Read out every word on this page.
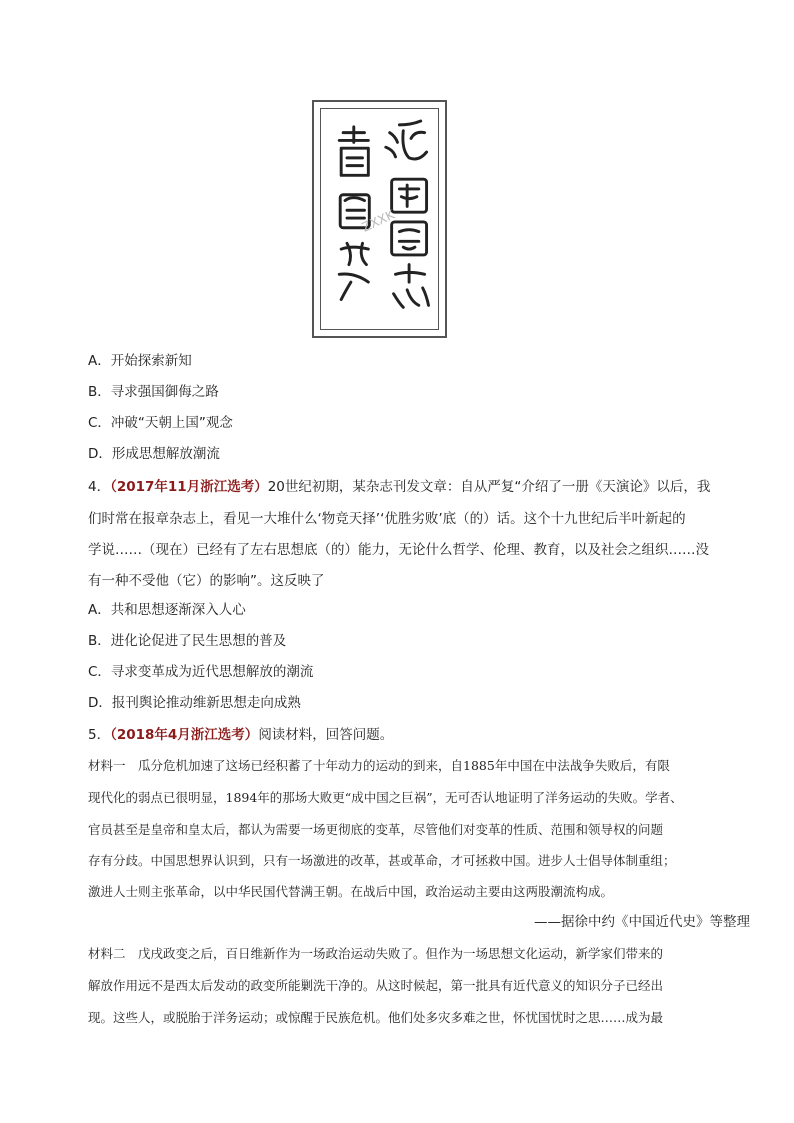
ZXXK
A．开始探索新知
B．寻求强国御侮之路
C．冲破“天朝上国”观念
D．形成思想解放潮流
4．（2017年11月浙江选考）20世纪初期，某杂志刊发文章：自从严复“介绍了一册《天演论》以后，我
们时常在报章杂志上，看见一大堆什么‘物竞天择’‘优胜劣败’底（的）话。这个十九世纪后半叶新起的
学说……（现在）已经有了左右思想底（的）能力，无论什么哲学、伦理、教育，以及社会之组织……没
有一种不受他（它）的影响”。这反映了
A．共和思想逐渐深入人心
B．进化论促进了民生思想的普及
C．寻求变革成为近代思想解放的潮流
D．报刊舆论推动维新思想走向成熟
5．（2018年4月浙江选考）阅读材料，回答问题。
材料一　瓜分危机加速了这场已经积蓄了十年动力的运动的到来，自1885年中国在中法战争失败后，有限
现代化的弱点已很明显，1894年的那场大败更“成中国之巨祸”，无可否认地证明了洋务运动的失败。学者、
官员甚至是皇帝和皇太后，都认为需要一场更彻底的变革，尽管他们对变革的性质、范围和领导权的问题
存有分歧。中国思想界认识到，只有一场激进的改革，甚或革命，才可拯救中国。进步人士倡导体制重组；
激进人士则主张革命，以中华民国代替满王朝。在战后中国，政治运动主要由这两股潮流构成。
——据徐中约《中国近代史》等整理
材料二　戊戌政变之后，百日维新作为一场政治运动失败了。但作为一场思想文化运动，新学家们带来的
解放作用远不是西太后发动的政变所能剿洗干净的。从这时候起，第一批具有近代意义的知识分子已经出
现。这些人，或脱胎于洋务运动；或惊醒于民族危机。他们处多灾多难之世，怀忧国忧时之思……成为最
